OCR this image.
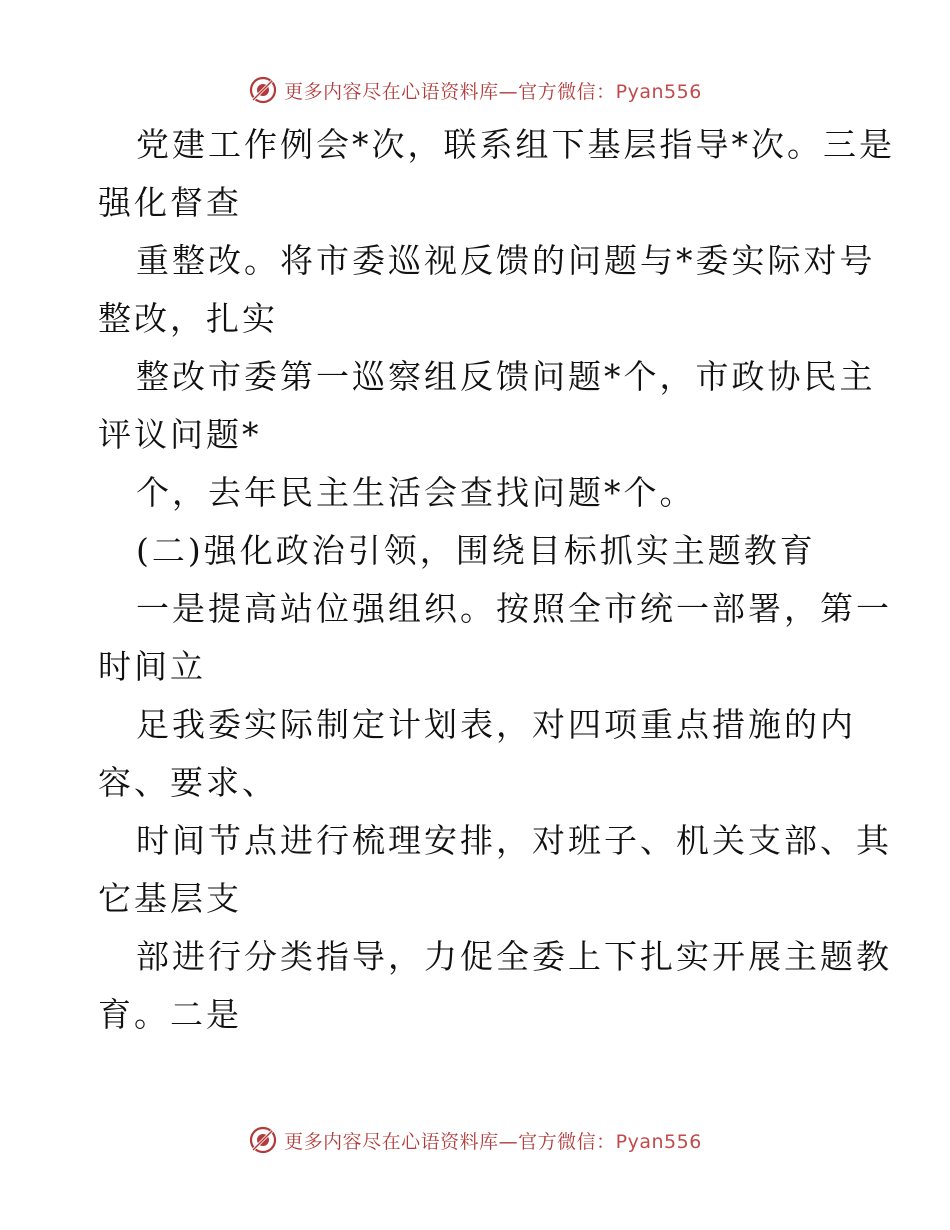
更多内容尽在心语资料库—官方微信：Pyan556
党建工作例会*次，联系组下基层指导*次。三是
强化督查
重整改。将市委巡视反馈的问题与*委实际对号
整改，扎实
整改市委第一巡察组反馈问题*个，市政协民主
评议问题*
个，去年民主生活会查找问题*个。
(二)强化政治引领，围绕目标抓实主题教育
一是提高站位强组织。按照全市统一部署，第一
时间立
足我委实际制定计划表，对四项重点措施的内
容、要求、
时间节点进行梳理安排，对班子、机关支部、其
它基层支
部进行分类指导，力促全委上下扎实开展主题教
育。二是
更多内容尽在心语资料库—官方微信：Pyan556
